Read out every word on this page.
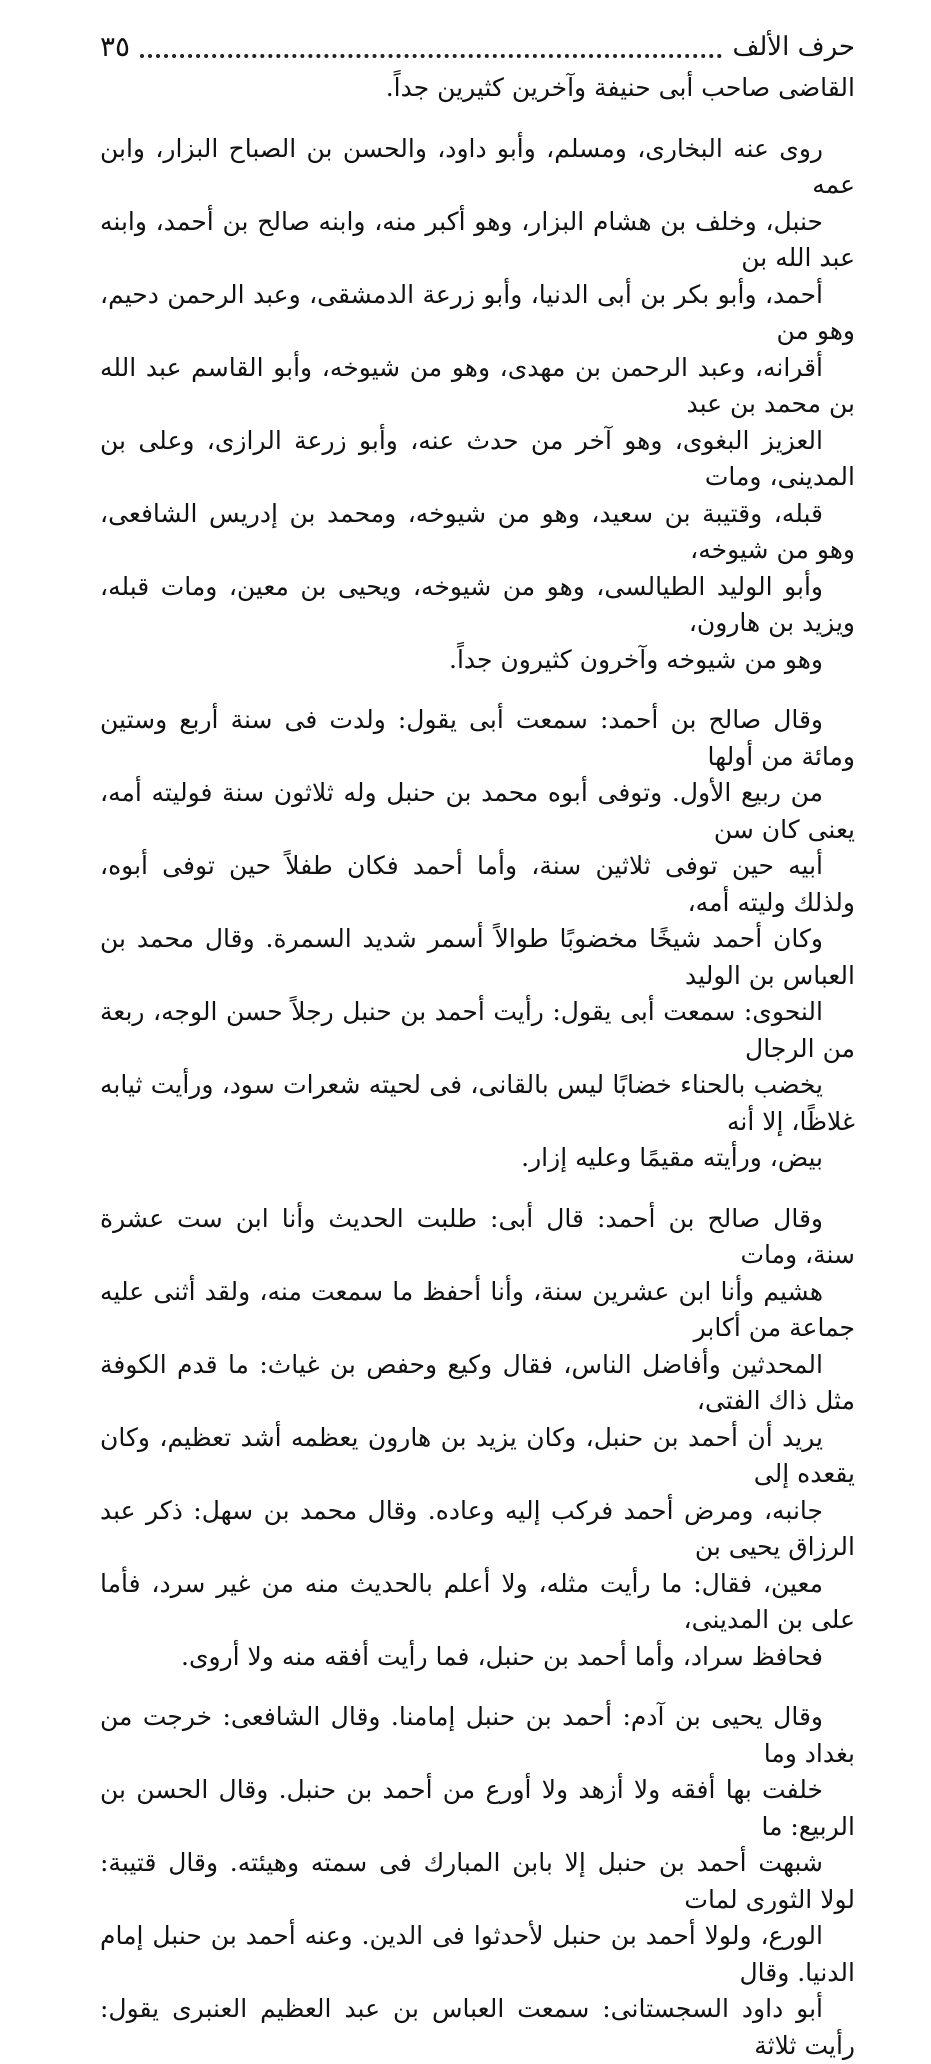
حرف الألف
٣٥

القاضى صاحب أبى حنيفة وآخرين كثيرين جداً.

روى عنه البخارى، ومسلم، وأبو داود، والحسن بن الصباح البزار، وابن عمه
حنبل، وخلف بن هشام البزار، وهو أكبر منه، وابنه صالح بن أحمد، وابنه عبد الله بن
أحمد، وأبو بكر بن أبى الدنيا، وأبو زرعة الدمشقى، وعبد الرحمن دحيم، وهو من
أقرانه، وعبد الرحمن بن مهدى، وهو من شيوخه، وأبو القاسم عبد الله بن محمد بن عبد
العزيز البغوى، وهو آخر من حدث عنه، وأبو زرعة الرازى، وعلى بن المدينى، ومات
قبله، وقتيبة بن سعيد، وهو من شيوخه، ومحمد بن إدريس الشافعى، وهو من شيوخه،
وأبو الوليد الطيالسى، وهو من شيوخه، ويحيى بن معين، ومات قبله، ويزيد بن هارون،
وهو من شيوخه وآخرون كثيرون جداً.

وقال صالح بن أحمد: سمعت أبى يقول: ولدت فى سنة أربع وستين ومائة من أولها
من ربيع الأول. وتوفى أبوه محمد بن حنبل وله ثلاثون سنة فوليته أمه، يعنى كان سن
أبيه حين توفى ثلاثين سنة، وأما أحمد فكان طفلاً حين توفى أبوه، ولذلك وليته أمه،
وكان أحمد شيخًا مخضوبًا طوالاً أسمر شديد السمرة. وقال محمد بن العباس بن الوليد
النحوى: سمعت أبى يقول: رأيت أحمد بن حنبل رجلاً حسن الوجه، ربعة من الرجال
يخضب بالحناء خضابًا ليس بالقانى، فى لحيته شعرات سود، ورأيت ثيابه غلاظًا، إلا أنه
بيض، ورأيته مقيمًا وعليه إزار.

وقال صالح بن أحمد: قال أبى: طلبت الحديث وأنا ابن ست عشرة سنة، ومات
هشيم وأنا ابن عشرين سنة، وأنا أحفظ ما سمعت منه، ولقد أثنى عليه جماعة من أكابر
المحدثين وأفاضل الناس، فقال وكيع وحفص بن غياث: ما قدم الكوفة مثل ذاك الفتى،
يريد أن أحمد بن حنبل، وكان يزيد بن هارون يعظمه أشد تعظيم، وكان يقعده إلى
جانبه، ومرض أحمد فركب إليه وعاده. وقال محمد بن سهل: ذكر عبد الرزاق يحيى بن
معين، فقال: ما رأيت مثله، ولا أعلم بالحديث منه من غير سرد، فأما على بن المدينى،
فحافظ سراد، وأما أحمد بن حنبل، فما رأيت أفقه منه ولا أروى.

وقال يحيى بن آدم: أحمد بن حنبل إمامنا. وقال الشافعى: خرجت من بغداد وما
خلفت بها أفقه ولا أزهد ولا أورع من أحمد بن حنبل. وقال الحسن بن الربيع: ما
شبهت أحمد بن حنبل إلا بابن المبارك فى سمته وهيئته. وقال قتيبة: لولا الثورى لمات
الورع، ولولا أحمد بن حنبل لأحدثوا فى الدين. وعنه أحمد بن حنبل إمام الدنيا. وقال
أبو داود السجستانى: سمعت العباس بن عبد العظيم العنبرى يقول: رأيت ثلاثة
